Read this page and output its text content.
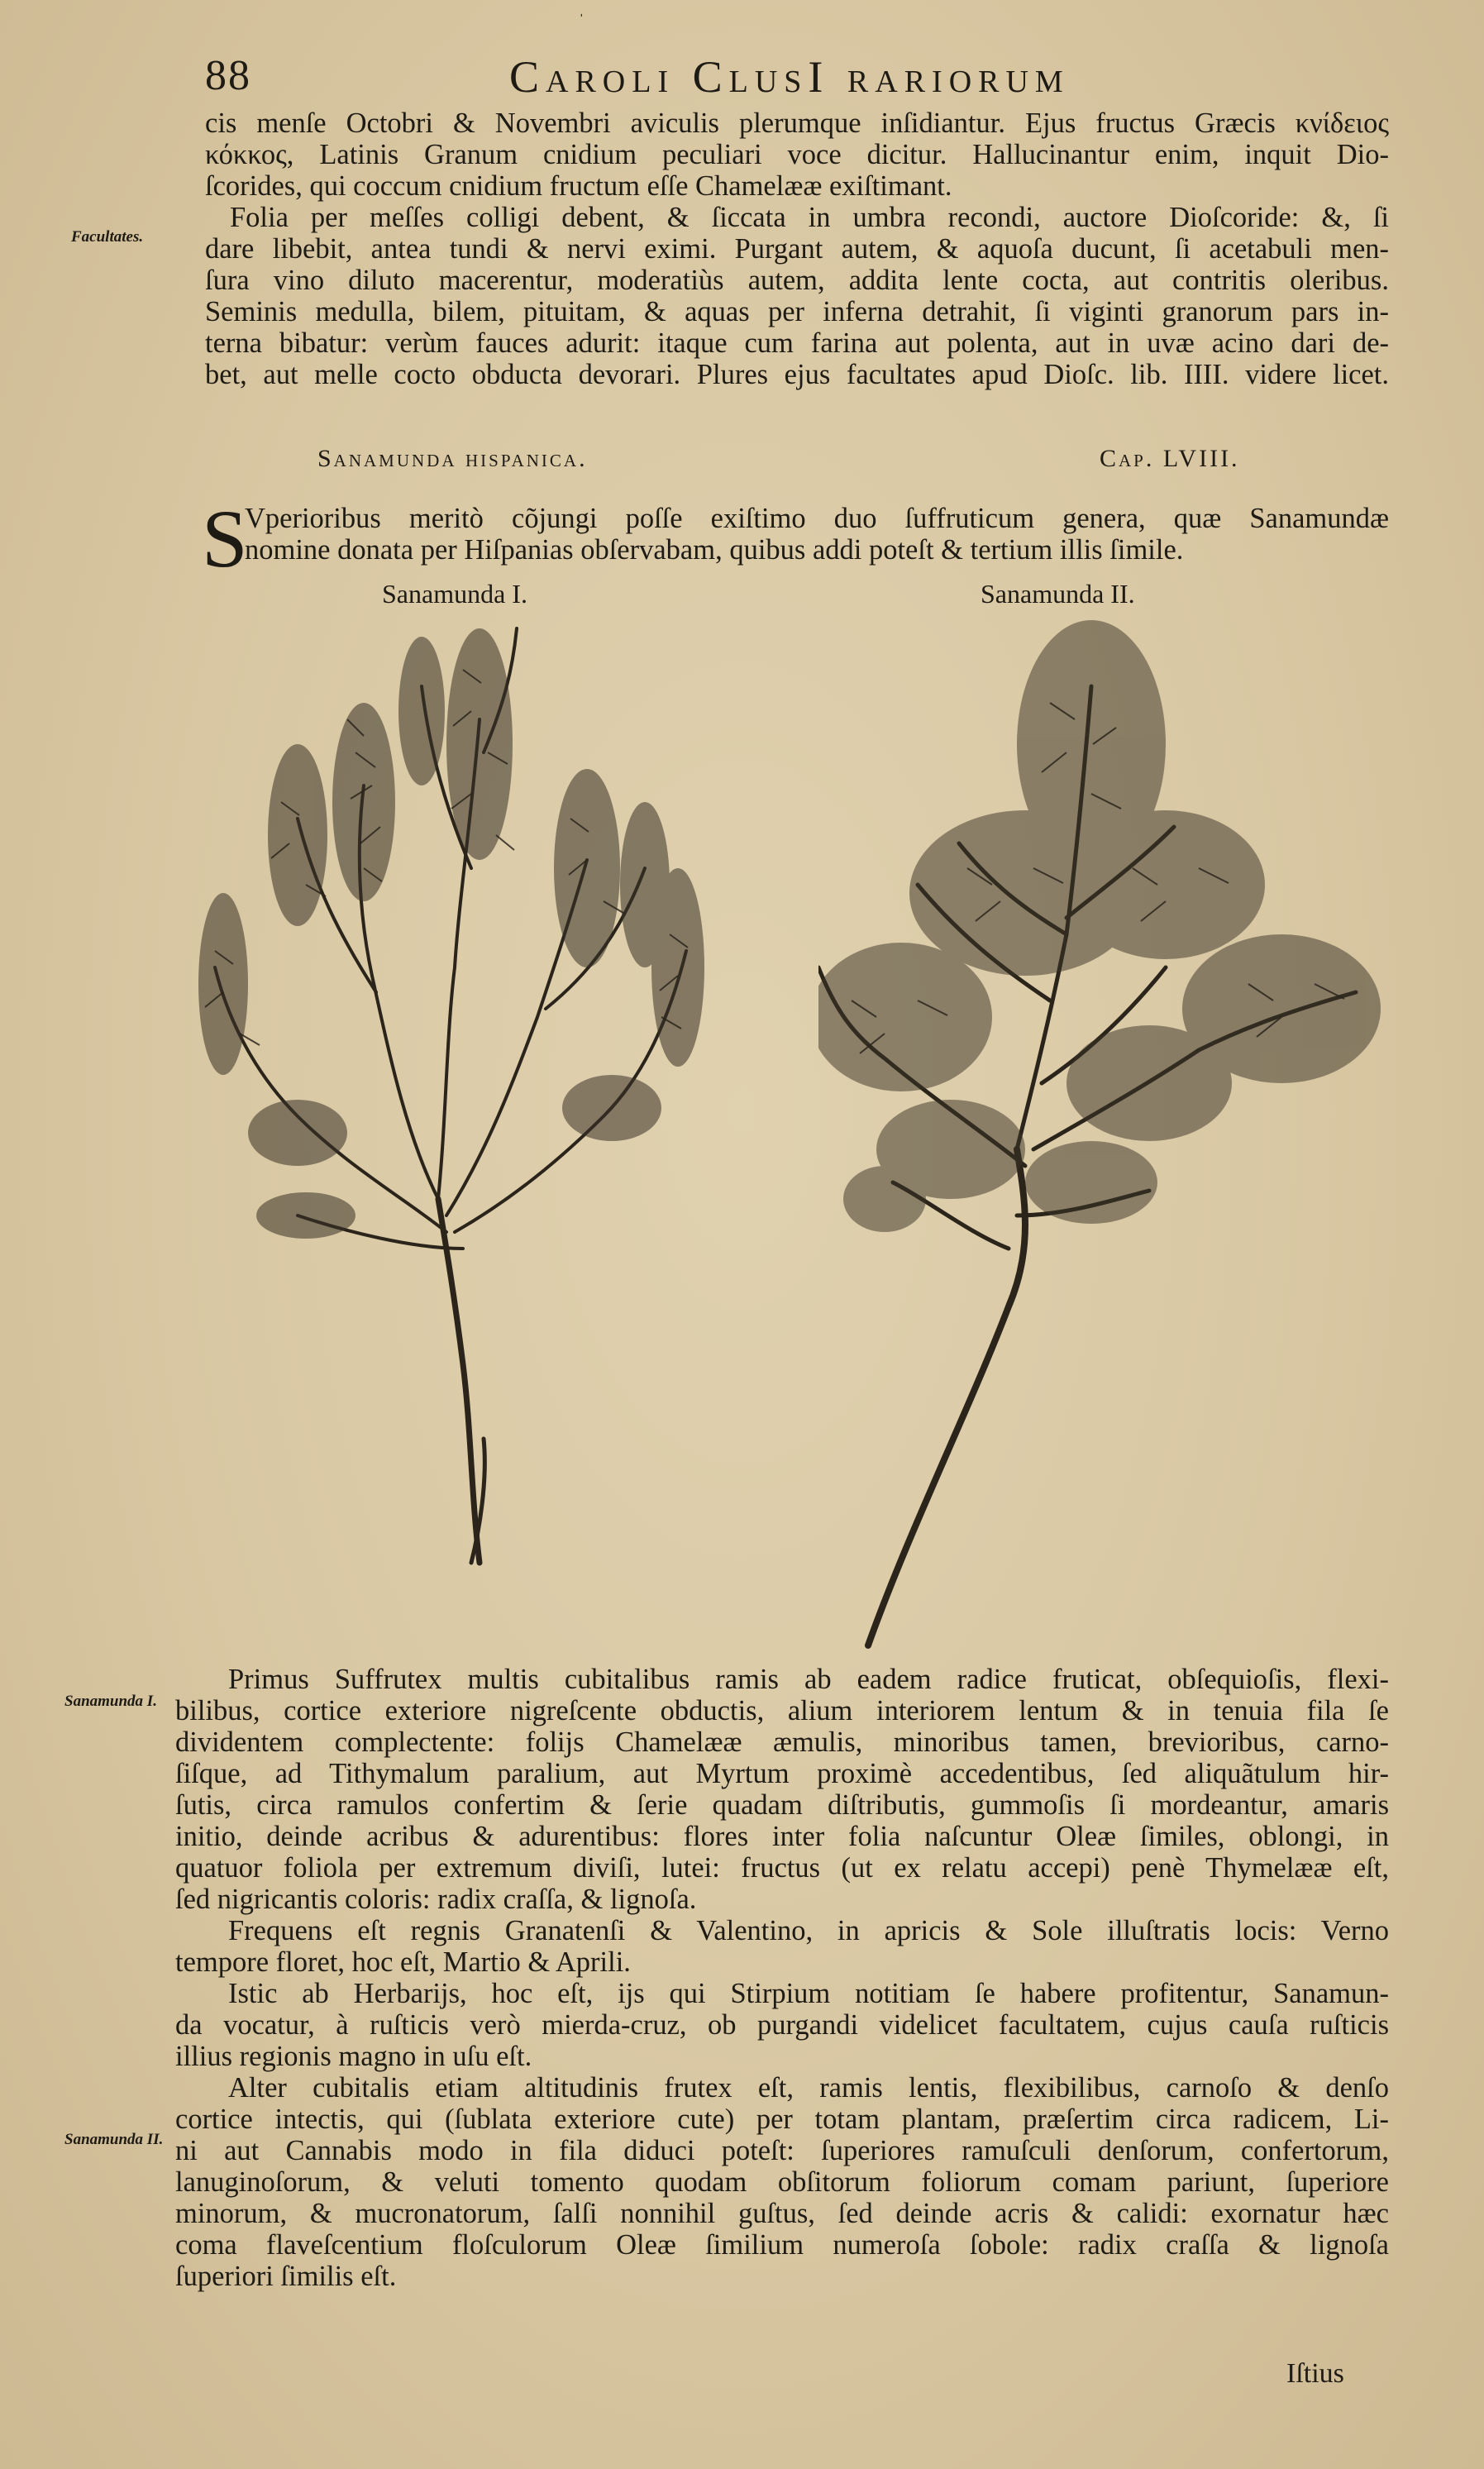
ˈ
88	Caroli ClusI rariorum
Facultates.
cis menſe Octobri & Novembri aviculis plerumque inſidiantur. Ejus fructus Græcis κνίδειος
κόκκος, Latinis Granum cnidium peculiari voce dicitur. Hallucinantur enim, inquit Dio-
ſcorides, qui coccum cnidium fructum eſſe Chamelææ exiſtimant.
Folia per meſſes colligi debent, & ſiccata in umbra recondi, auctore Dioſcoride: &, ſi
dare libebit, antea tundi & nervi eximi. Purgant autem, & aquoſa ducunt, ſi acetabuli men-
ſura vino diluto macerentur, moderatiùs autem, addita lente cocta, aut contritis oleribus.
Seminis medulla, bilem, pituitam, & aquas per inferna detrahit, ſi viginti granorum pars in-
terna bibatur: verùm fauces adurit: itaque cum farina aut polenta, aut in uvæ acino dari de-
bet, aut melle cocto obducta devorari. Plures ejus facultates apud Dioſc. lib. IIII. videre licet.
Sanamunda hispanica.	Cap. LVIII.
S
Vperioribus meritò cõjungi poſſe exiſtimo duo ſuffruticum genera, quæ Sanamundæ
nomine donata per Hiſpanias obſervabam, quibus addi poteſt & tertium illis ſimile.
Sanamunda I.	Sanamunda II.
Sanamunda I.
Primus Suffrutex multis cubitalibus ramis ab eadem radice fruticat, obſequioſis, flexi-
bilibus, cortice exteriore nigreſcente obductis, alium interiorem lentum & in tenuia fila ſe
dividentem complectente: folijs Chamelææ æmulis, minoribus tamen, brevioribus, carno-
ſiſque, ad Tithymalum paralium, aut Myrtum proximè accedentibus, ſed aliquãtulum hir-
ſutis, circa ramulos confertim & ſerie quadam diſtributis, gummoſis ſi mordeantur, amaris
initio, deinde acribus & adurentibus: flores inter folia naſcuntur Oleæ ſimiles, oblongi, in
quatuor foliola per extremum diviſi, lutei: fructus (ut ex relatu accepi) penè Thymelææ eſt,
ſed nigricantis coloris: radix craſſa, & lignoſa.
Frequens eſt regnis Granatenſi & Valentino, in apricis & Sole illuſtratis locis: Verno
tempore floret, hoc eſt, Martio & Aprili.
Istic ab Herbarijs, hoc eſt, ijs qui Stirpium notitiam ſe habere profitentur, Sanamun-
da vocatur, à ruſticis verò mierda-cruz, ob purgandi videlicet facultatem, cujus cauſa ruſticis
illius regionis magno in uſu eſt.
Alter cubitalis etiam altitudinis frutex eſt, ramis lentis, flexibilibus, carnoſo & denſo
cortice intectis, qui (ſublata exteriore cute) per totam plantam, præſertim circa radicem, Li-
ni aut Cannabis modo in fila diduci poteſt: ſuperiores ramuſculi denſorum, confertorum,
lanuginoſorum, & veluti tomento quodam obſitorum foliorum comam pariunt, ſuperiore
minorum, & mucronatorum, ſalſi nonnihil guſtus, ſed deinde acris & calidi: exornatur hæc
coma flaveſcentium floſculorum Oleæ ſimilium numeroſa ſobole: radix craſſa & lignoſa
ſuperiori ſimilis eſt.
Sanamunda II.
Iſtius
